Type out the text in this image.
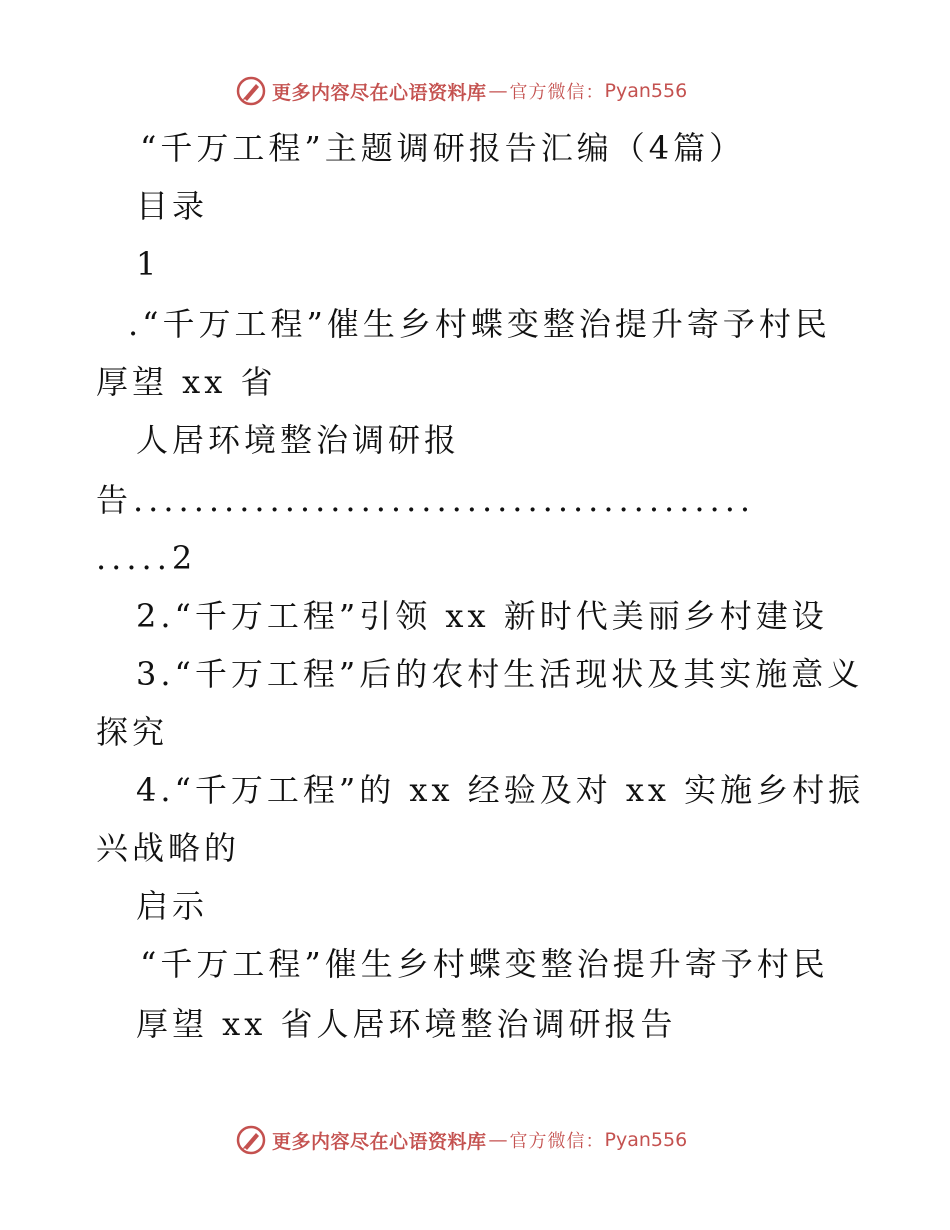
更多内容尽在心语资料库 — 官方微信： Pyan556
“千万工程”主题调研报告汇编（4篇）
目录
1
.“千万工程”催生乡村蝶变整治提升寄予村民
厚望 xx 省
人居环境整治调研报
告.........................................
.....2
2.“千万工程”引领 xx 新时代美丽乡村建设
3.“千万工程”后的农村生活现状及其实施意义
探究
4.“千万工程”的 xx 经验及对 xx 实施乡村振
兴战略的
启示
“千万工程”催生乡村蝶变整治提升寄予村民
厚望 xx 省人居环境整治调研报告
更多内容尽在心语资料库 — 官方微信： Pyan556
